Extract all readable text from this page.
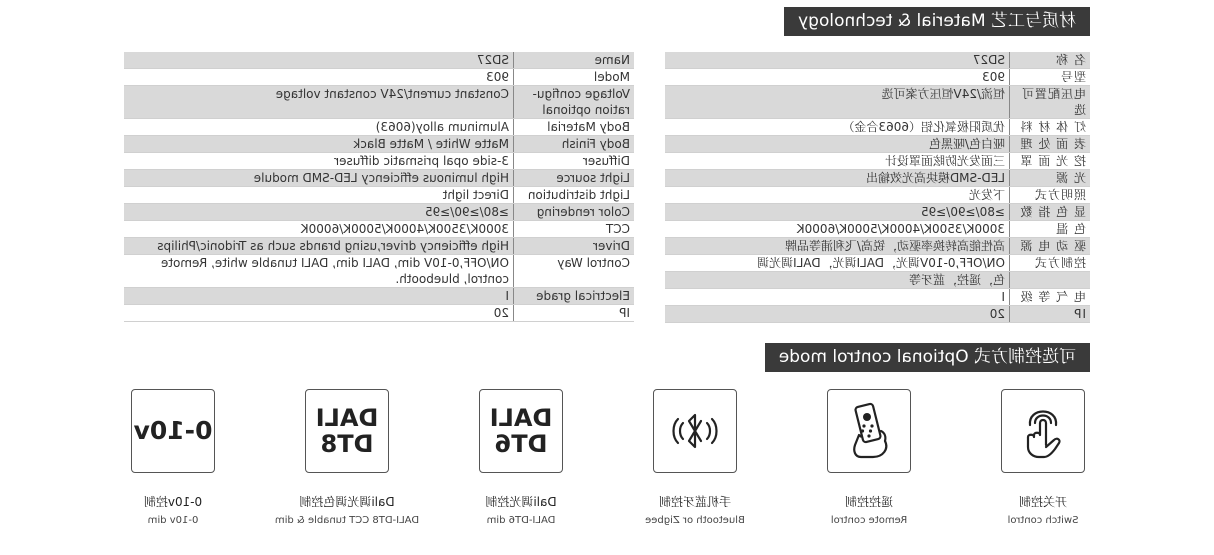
材质与工艺 Material & technology
名 称	SD27
型号	903
电压配置可选	恒流/24V恒压方案可选
灯 体 材 料	优质阳极氧化铝（6063合金）
表 面 处 理	哑白色/哑黑色
挖 光 面 罩	三面发光防眩面罩设计
光 源	LED-SMD模块高光效输出
照明方式	下发光
显 色 指 数	≥80/≥90/≥95
色 温	3000K/3500K/4000K/5000K/6000K
驱 动 电 源	高性能高转换率驱动，锐高/飞利浦等品牌
控制方式	ON/OFF,0-10V调光，DALI调光，DALI调光调
	色，遥控，蓝牙等
电 气 等 级	I
IP	20
Name	SD27
Model	903
Voltage configu-
ration optional	Constant current/24V constant voltage
Body Material	Aluminum alloy(6063)
Body Finish	Matte White / Matte Black
Diffuser	3-side opal prismatic diffuser
Light source	High luminous efficiency LED-SMD module
Light distribution	Direct light
Color rendering	≥80/≥90/≥95
CCT	3000K/3500K/4000K/5000K/6000K
Driver	High efficiency driver,using brands such as Tridonic/Philips
Control Way	ON/OFF,0-10V dim, DALI dim, DALI tunable white, Remote
control, bluebooth.
Electrical grade	I
IP	20
可选控制方式 Optional control mode
开关控制
Switch control
遥控控制
Remote control
手机蓝牙控制
Bluetooth or Zigbee
DALI
DT6
Dali调光控制
DALI-DT6 dim
DALI
DT8
Dali调光调色控制
DALI-DT8 CCT tunable & dim
0-10v
0-10v控制
0-10v dim
